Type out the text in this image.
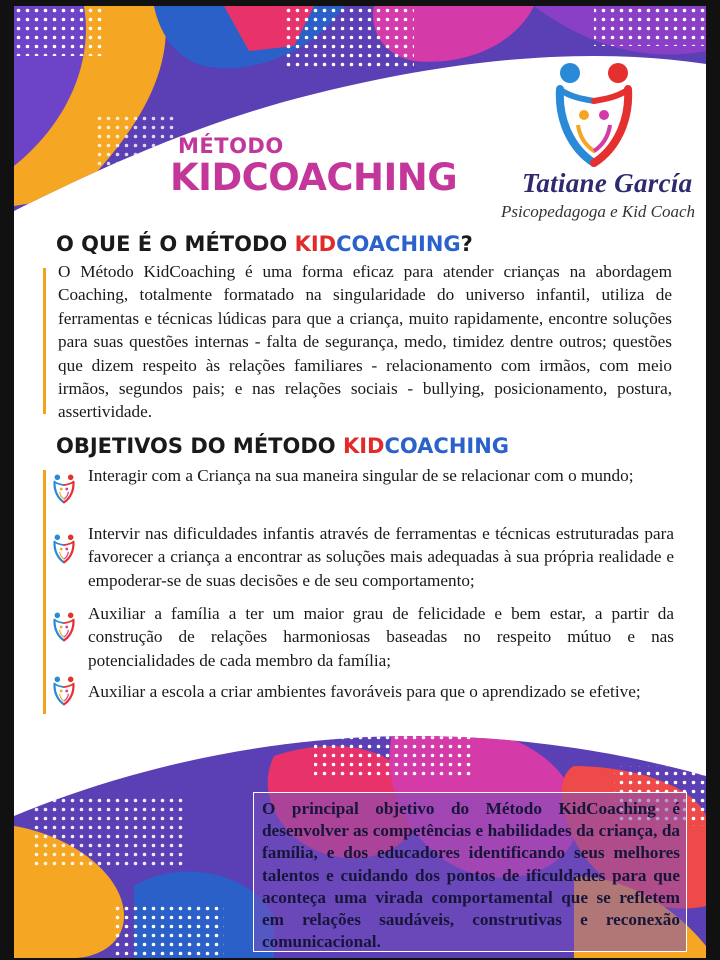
MÉTODO
KIDCOACHING Tatiane García
Psicopedagoga e Kid Coach
O QUE É O MÉTODO KIDCOACHING?

O Método KidCoaching é uma forma eficaz para atender crianças na abordagem Coaching, totalmente formatado na singularidade do universo infantil, utiliza de ferramentas e técnicas lúdicas para que a criança, muito rapidamente, encontre soluções para suas questões internas - falta de segurança, medo, timidez dentre outros; questões que dizem respeito às relações familiares - relacionamento com irmãos, com meio irmãos, segundos pais; e nas relações sociais - bullying, posicionamento, postura, assertividade.

OBJETIVOS DO MÉTODO KIDCOACHING

Interagir com a Criança na sua maneira singular de se relacionar com o mundo;

Intervir nas dificuldades infantis através de ferramentas e técnicas estruturadas para favorecer a criança a encontrar as soluções mais adequadas à sua própria realidade e empoderar-se de suas decisões e de seu comportamento;

Auxiliar a família a ter um maior grau de felicidade e bem estar, a partir da construção de relações harmoniosas baseadas no respeito mútuo e nas potencialidades de cada membro da família;

Auxiliar a escola a criar ambientes favoráveis para que o aprendizado se efetive;

O principal objetivo do Método KidCoaching é desenvolver as competências e habilidades da criança, da família, e dos educadores identificando seus melhores talentos e cuidando dos pontos de ificuldades para que aconteça uma virada comportamental que se refletem em relações saudáveis, construtivas e reconexão comunicacional.
